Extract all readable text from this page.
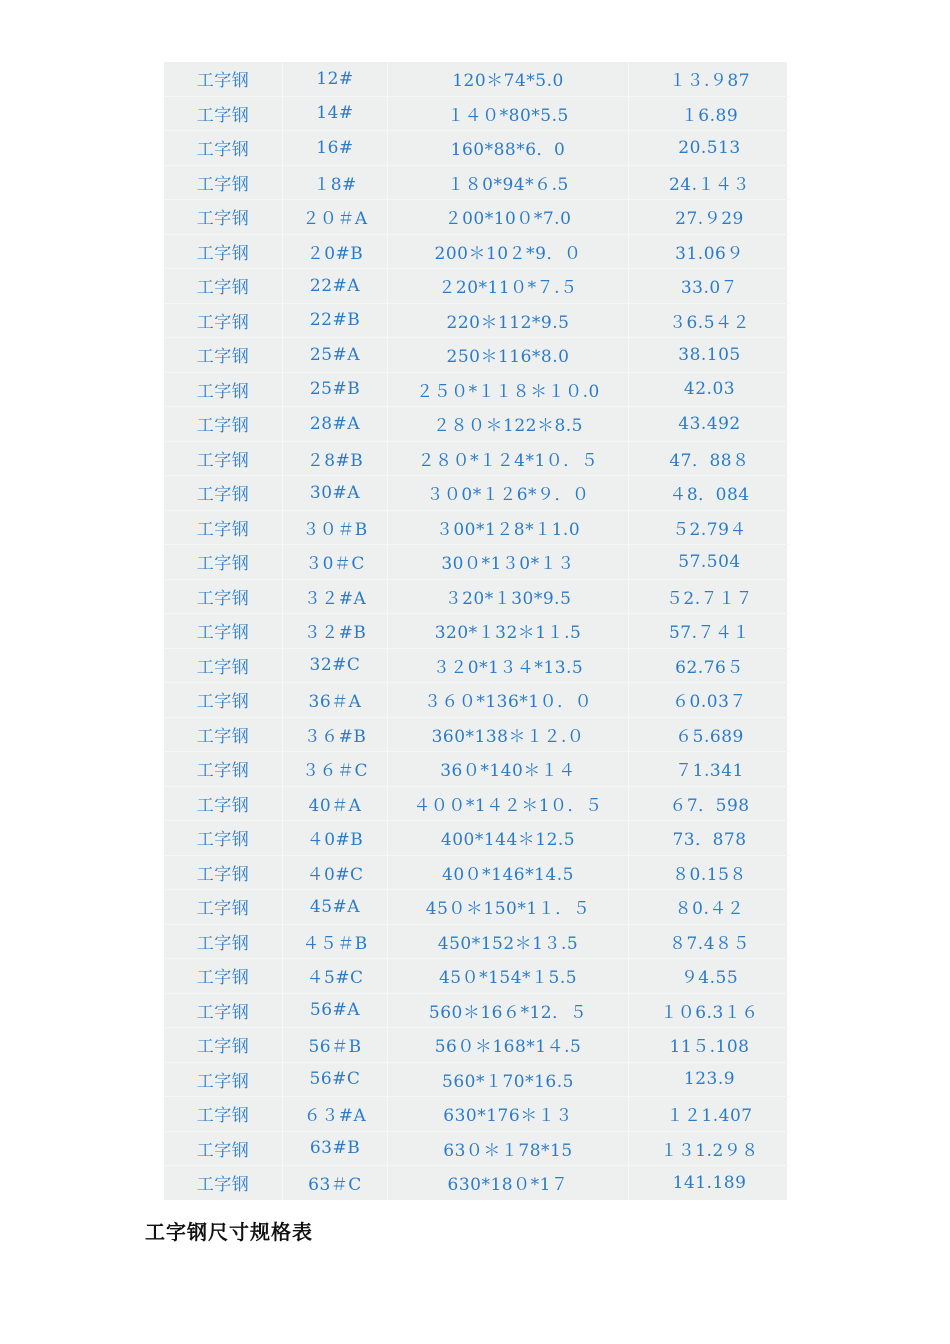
工字钢	12#	120＊74*5.0	１３.９87
工字钢	14#	１４０*80*5.5	１6.89
工字钢	16#	160*88*6．0	20.513
工字钢	１8#	１８0*94*６.5	24.１４３
工字钢	２０＃A	２00*10０*7.0	27.９29
工字钢	２0#B	200＊10２*9．０	31.06９
工字钢	22#A	２20*11０*７.５	33.0７
工字钢	22#B	220＊112*9.5	３6.5４２
工字钢	25#A	250＊116*8.0	38.105
工字钢	25#B	２５０*１１８＊１０.0	42.03
工字钢	28#A	２８０＊122＊8.5	43.492
工字钢	２8#B	２８０*１２4*1０．５	47．88８
工字钢	30#A	３０0*１２6*９．０	４8．084
工字钢	３０＃B	３00*1２8*１1.0	５2.79４
工字钢	３0＃C	30０*1３0*１３	57.504
工字钢	３２#A	３20*１30*9.5	５2.７１７
工字钢	３２#B	320*１32＊1１.5	57.７４１
工字钢	32#C	３２0*1３４*13.5	62.76５
工字钢	36＃A	３６０*136*1０．０	６0.03７
工字钢	３６#B	360*138＊１２.０	６5.689
工字钢	３６＃C	36０*140＊１４	７1.341
工字钢	40＃A	４００*1４２＊1０．５	６7．598
工字钢	４0#B	400*144＊12.5	73．878
工字钢	４0#C	40０*146*14.5	８0.15８
工字钢	45#A	45０＊150*1１．５	８0.４２
工字钢	４５＃B	450*152＊1３.5	８7.4８５
工字钢	４5#C	45０*154*１5.5	９4.55
工字钢	56#A	560＊16６*12．５	１０6.3１６
工字钢	56＃B	56０＊168*1４.5	11５.108
工字钢	56#C	560*１70*16.5	123.9
工字钢	６３#A	630*176＊１３	１２1.407
工字钢	63#B	63０＊１78*15	１３1.2９８
工字钢	63＃C	630*18０*1７	141.189
工字钢尺寸规格表
